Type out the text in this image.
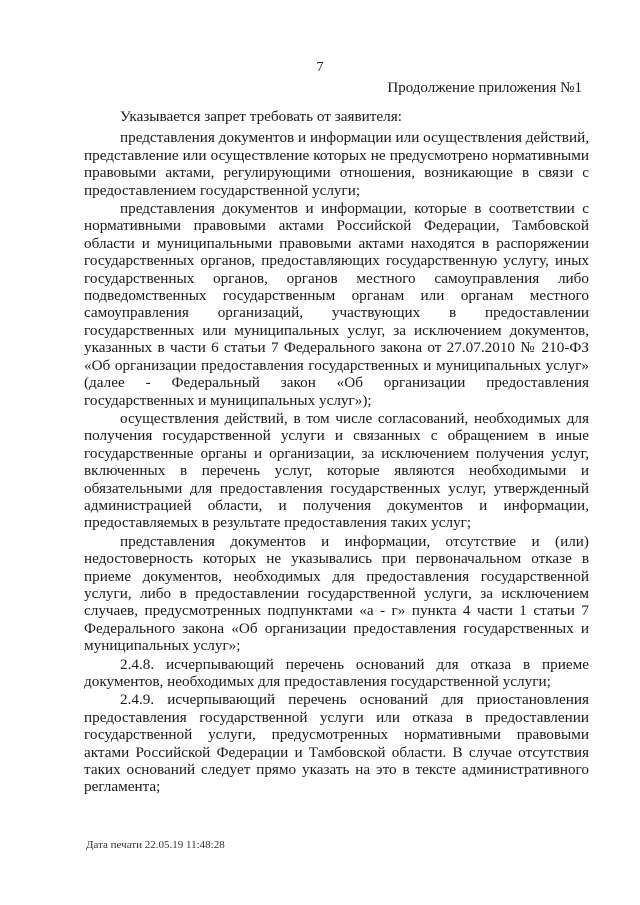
7
Продолжение приложения №1

Указывается запрет требовать от заявителя:

представления документов и информации или осуществления действий, представление или осуществление которых не предусмотрено нормативными правовыми актами, регулирующими отношения, возникающие в связи с предоставлением государственной услуги;

представления документов и информации, которые в соответствии с нормативными правовыми актами Российской Федерации, Тамбовской области и муниципальными правовыми актами находятся в распоряжении государственных органов, предоставляющих государственную услугу, иных государственных органов, органов местного самоуправления либо подведомственных государственным органам или органам местного самоуправления организаций, участвующих в предоставлении государственных или муниципальных услуг, за исключением документов, указанных в части 6 статьи 7 Федерального закона от 27.07.2010 № 210-ФЗ «Об организации предоставления государственных и муниципальных услуг» (далее - Федеральный закон «Об организации предоставления государственных и муниципальных услуг»);

осуществления действий, в том числе согласований, необходимых для получения государственной услуги и связанных с обращением в иные государственные органы и организации, за исключением получения услуг, включенных в перечень услуг, которые являются необходимыми и обязательными для предоставления государственных услуг, утвержденный администрацией области, и получения документов и информации, предоставляемых в результате предоставления таких услуг;

представления документов и информации, отсутствие и (или) недостоверность которых не указывались при первоначальном отказе в приеме документов, необходимых для предоставления государственной услуги, либо в предоставлении государственной услуги, за исключением случаев, предусмотренных подпунктами «а - г» пункта 4 части 1 статьи 7 Федерального закона «Об организации предоставления государственных и муниципальных услуг»;

2.4.8. исчерпывающий перечень оснований для отказа в приеме документов, необходимых для предоставления государственной услуги;

2.4.9. исчерпывающий перечень оснований для приостановления предоставления государственной услуги или отказа в предоставлении государственной услуги, предусмотренных нормативными правовыми актами Российской Федерации и Тамбовской области. В случае отсутствия таких оснований следует прямо указать на это в тексте административного регламента;

Дата печати 22.05.19 11:48:28
